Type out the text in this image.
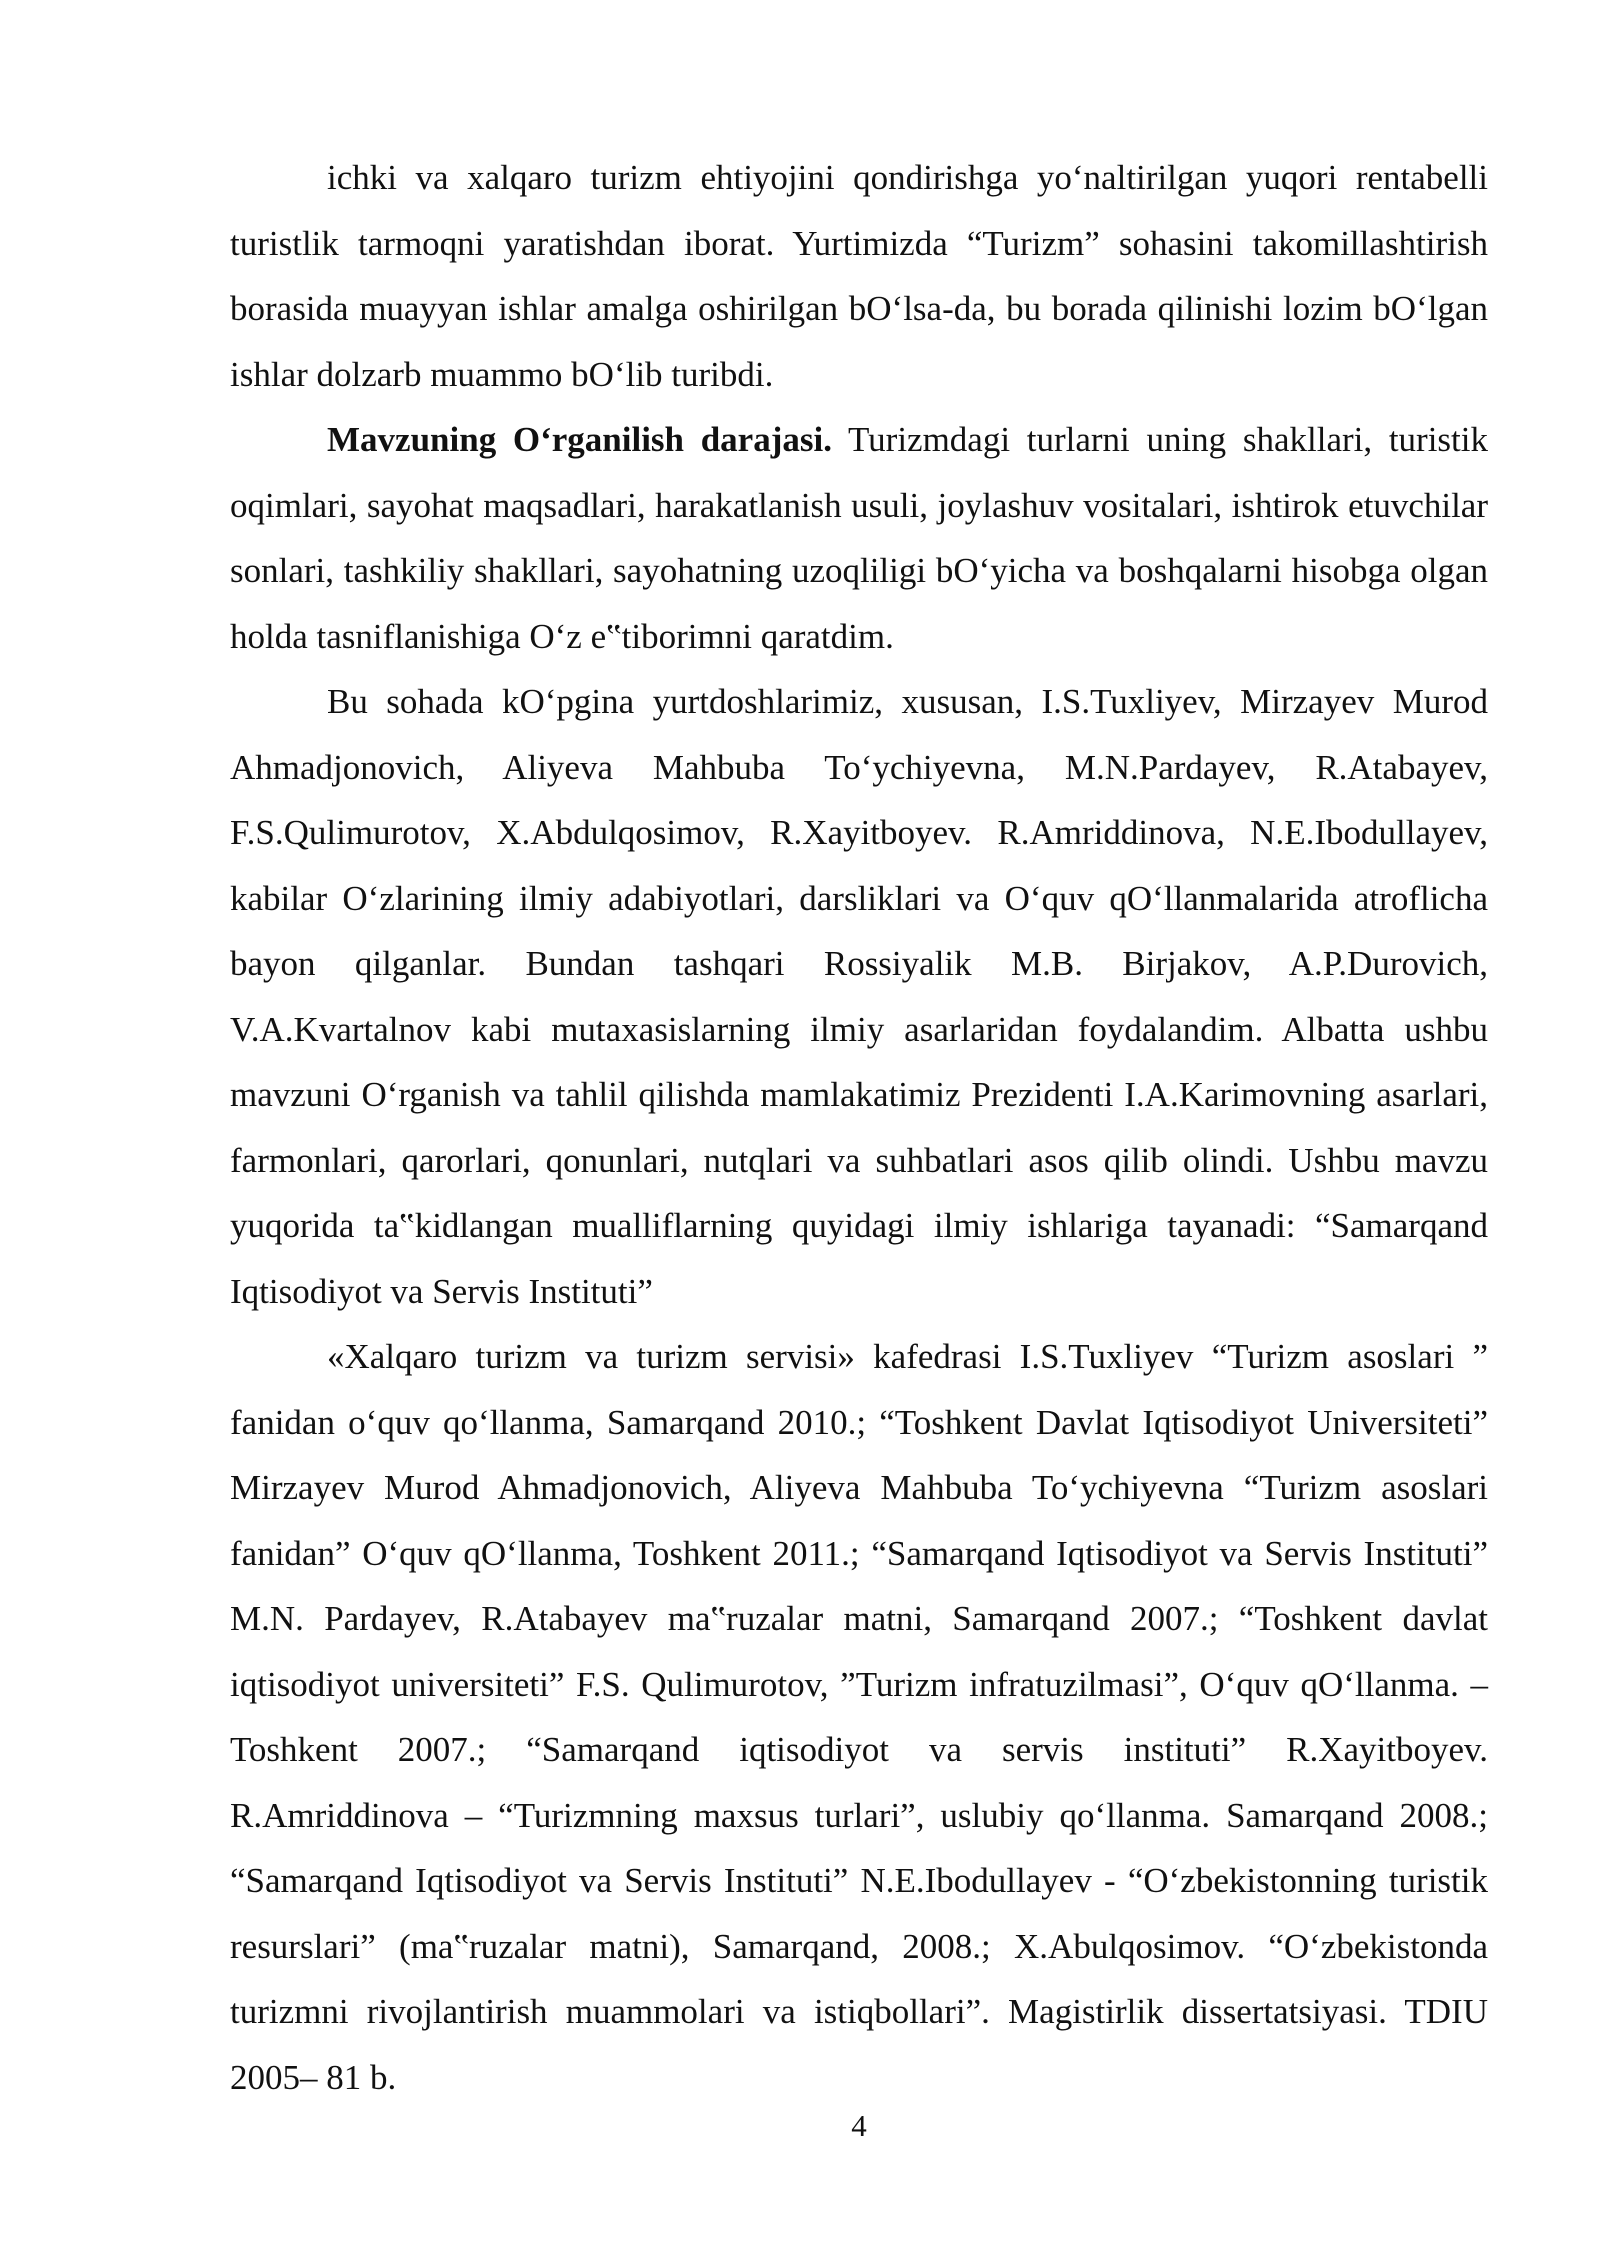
ichki va xalqaro turizm ehtiyojini qondirishga yo‘naltirilgan yuqori rentabelli turistlik tarmoqni yaratishdan iborat. Yurtimizda “Turizm” sohasini takomillashtirish borasida muayyan ishlar amalga oshirilgan bO‘lsa-da, bu borada qilinishi lozim bO‘lgan ishlar dolzarb muammo bO‘lib turibdi.

Mavzuning O‘rganilish darajasi. Turizmdagi turlarni uning shakllari, turistik oqimlari, sayohat maqsadlari, harakatlanish usuli, joylashuv vositalari, ishtirok etuvchilar sonlari, tashkiliy shakllari, sayohatning uzoqliligi bO‘yicha va boshqalarni hisobga olgan holda tasniflanishiga O‘z e‟tiborimni qaratdim.

Bu sohada kO‘pgina yurtdoshlarimiz, xususan, I.S.Tuxliyev, Mirzayev Murod Ahmadjonovich, Aliyeva Mahbuba To‘ychiyevna, M.N.Pardayev, R.Atabayev, F.S.Qulimurotov, X.Abdulqosimov, R.Xayitboyev. R.Amriddinova, N.E.Ibodullayev, kabilar O‘zlarining ilmiy adabiyotlari, darsliklari va O‘quv qO‘llanmalarida atroflicha bayon qilganlar. Bundan tashqari Rossiyalik M.B. Birjakov, A.P.Durovich, V.A.Kvartalnov kabi mutaxasislarning ilmiy asarlaridan foydalandim. Albatta ushbu mavzuni O‘rganish va tahlil qilishda mamlakatimiz Prezidenti I.A.Karimovning asarlari, farmonlari, qarorlari, qonunlari, nutqlari va suhbatlari asos qilib olindi. Ushbu mavzu yuqorida ta‟kidlangan mualliflarning quyidagi ilmiy ishlariga tayanadi: “Samarqand Iqtisodiyot va Servis Instituti”

«Xalqaro turizm va turizm servisi» kafedrasi I.S.Tuxliyev “Turizm asoslari ” fanidan o‘quv qo‘llanma, Samarqand 2010.; “Toshkent Davlat Iqtisodiyot Universiteti” Mirzayev Murod Ahmadjonovich, Aliyeva Mahbuba To‘ychiyevna “Turizm asoslari fanidan” O‘quv qO‘llanma, Toshkent 2011.; “Samarqand Iqtisodiyot va Servis Instituti” M.N. Pardayev, R.Atabayev ma‟ruzalar matni, Samarqand 2007.; “Toshkent davlat iqtisodiyot universiteti” F.S. Qulimurotov, ”Turizm infratuzilmasi”, O‘quv qO‘llanma. –Toshkent 2007.; “Samarqand iqtisodiyot va servis instituti” R.Xayitboyev. R.Amriddinova – “Turizmning maxsus turlari”, uslubiy qo‘llanma. Samarqand 2008.; “Samarqand Iqtisodiyot va Servis Instituti” N.E.Ibodullayev - “O‘zbekistonning turistik resurslari” (ma‟ruzalar matni), Samarqand, 2008.; X.Abulqosimov. “O‘zbekistonda turizmni rivojlantirish muammolari va istiqbollari”. Magistirlik dissertatsiyasi. TDIU 2005– 81 b.

4
